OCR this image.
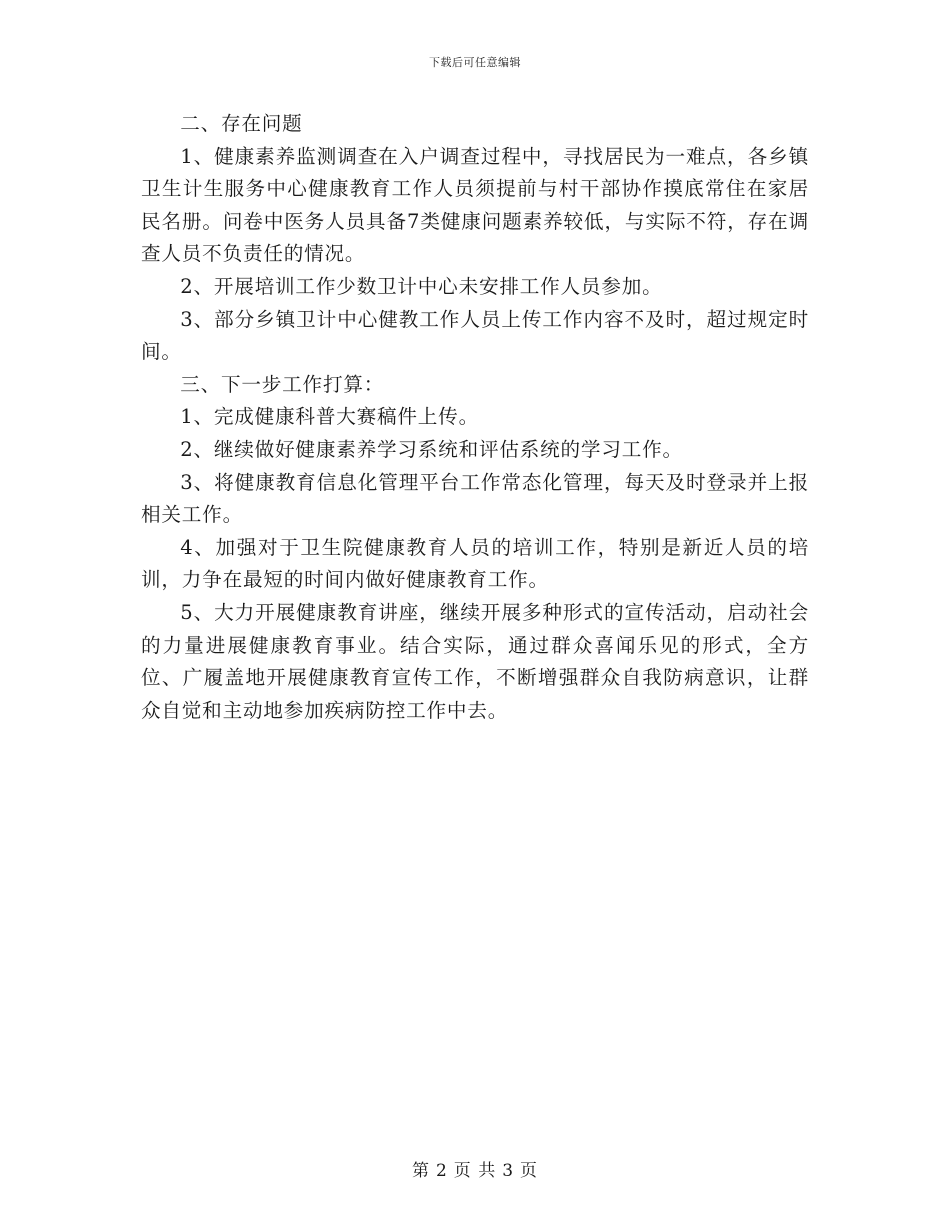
下载后可任意编辑

二、存在问题

1、健康素养监测调查在入户调查过程中，寻找居民为一难点，各乡镇卫生计生服务中心健康教育工作人员须提前与村干部协作摸底常住在家居民名册。问卷中医务人员具备7类健康问题素养较低，与实际不符，存在调查人员不负责任的情况。

2、开展培训工作少数卫计中心未安排工作人员参加。

3、部分乡镇卫计中心健教工作人员上传工作内容不及时，超过规定时间。

三、下一步工作打算：

1、完成健康科普大赛稿件上传。

2、继续做好健康素养学习系统和评估系统的学习工作。

3、将健康教育信息化管理平台工作常态化管理，每天及时登录并上报相关工作。

4、加强对于卫生院健康教育人员的培训工作，特别是新近人员的培训，力争在最短的时间内做好健康教育工作。

5、大力开展健康教育讲座，继续开展多种形式的宣传活动，启动社会的力量进展健康教育事业。结合实际，通过群众喜闻乐见的形式，全方位、广履盖地开展健康教育宣传工作，不断增强群众自我防病意识，让群众自觉和主动地参加疾病防控工作中去。

第 2 页 共 3 页
